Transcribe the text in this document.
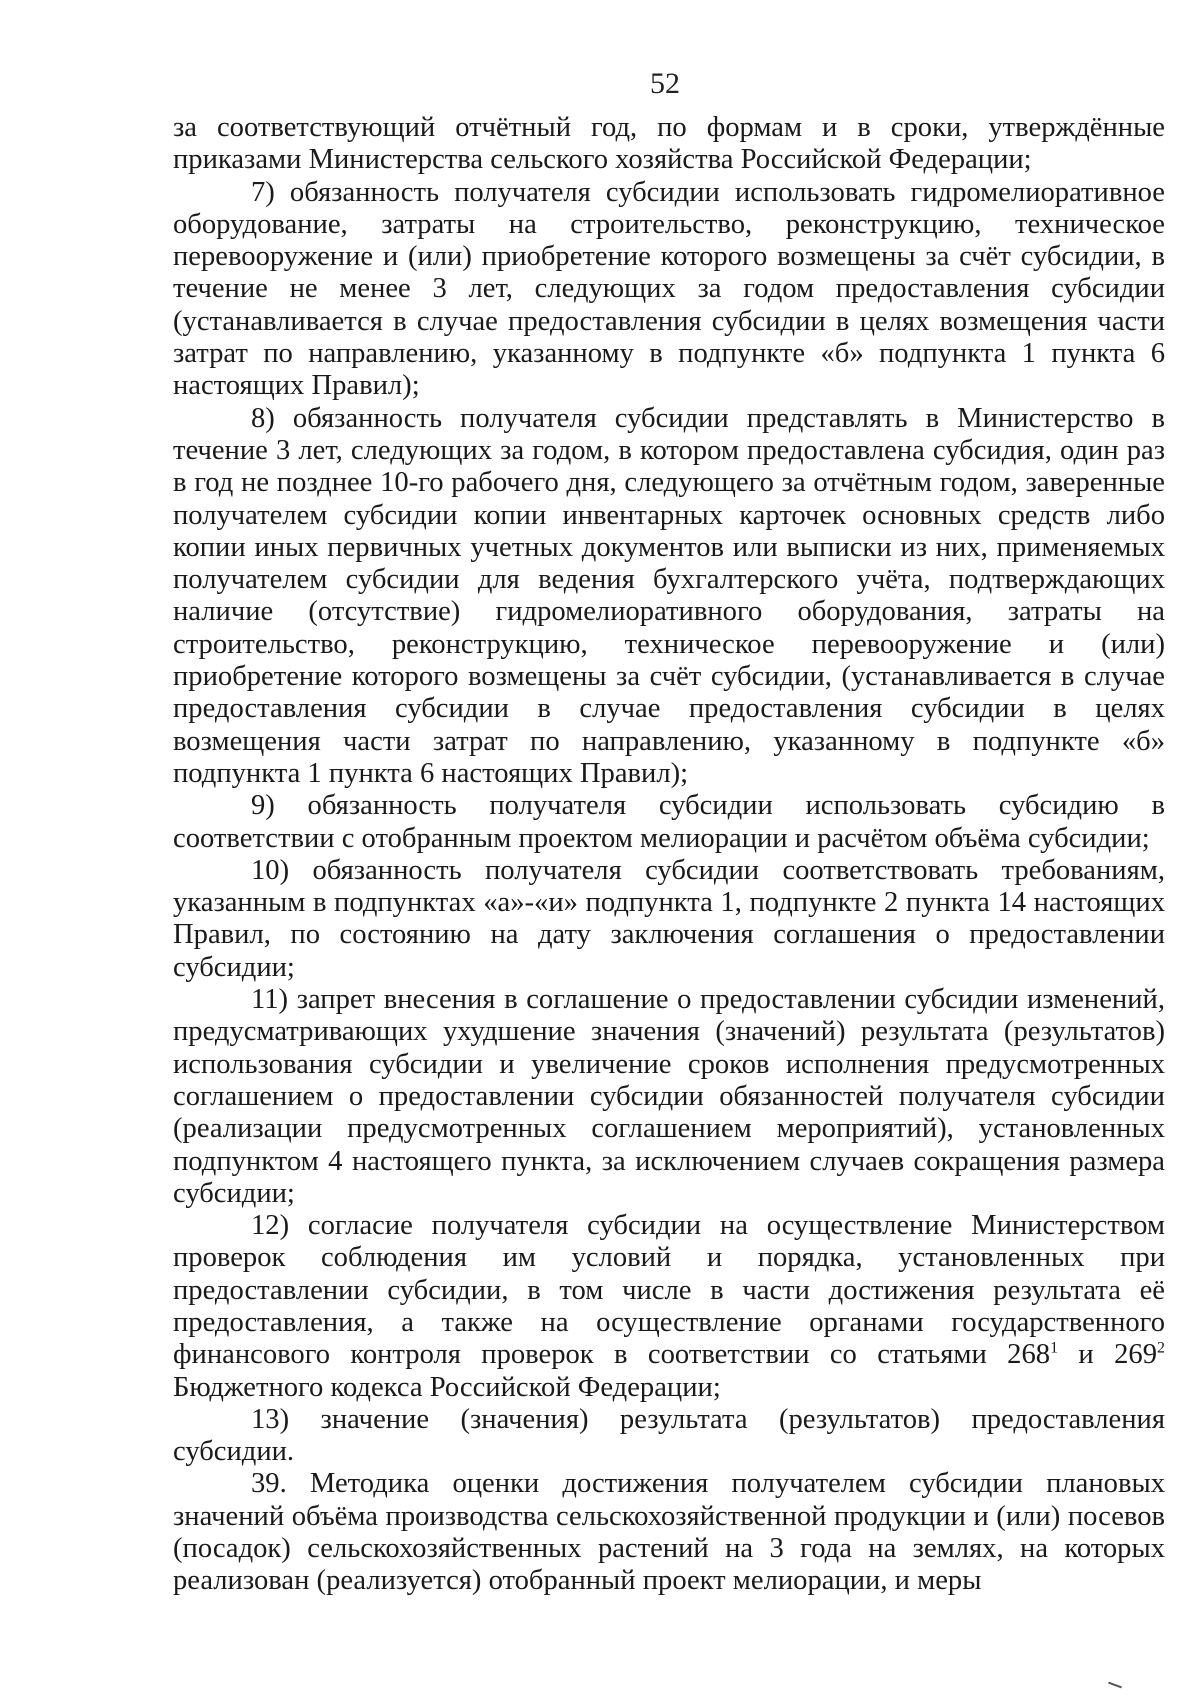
52

за соответствующий отчётный год, по формам и в сроки, утверждённые приказами Министерства сельского хозяйства Российской Федерации;

7) обязанность получателя субсидии использовать гидромелиоративное оборудование, затраты на строительство, реконструкцию, техническое перевооружение и (или) приобретение которого возмещены за счёт субсидии, в течение не менее 3 лет, следующих за годом предоставления субсидии (устанавливается в случае предоставления субсидии в целях возмещения части затрат по направлению, указанному в подпункте «б» подпункта 1 пункта 6 настоящих Правил);

8) обязанность получателя субсидии представлять в Министерство в течение 3 лет, следующих за годом, в котором предоставлена субсидия, один раз в год не позднее 10-го рабочего дня, следующего за отчётным годом, заверенные получателем субсидии копии инвентарных карточек основных средств либо копии иных первичных учетных документов или выписки из них, применяемых получателем субсидии для ведения бухгалтерского учёта, подтверждающих наличие (отсутствие) гидромелиоративного оборудования, затраты на строительство, реконструкцию, техническое перевооружение и (или) приобретение которого возмещены за счёт субсидии, (устанавливается в случае предоставления субсидии в случае предоставления субсидии в целях возмещения части затрат по направлению, указанному в подпункте «б» подпункта 1 пункта 6 настоящих Правил);

9) обязанность получателя субсидии использовать субсидию в соответствии с отобранным проектом мелиорации и расчётом объёма субсидии;

10) обязанность получателя субсидии соответствовать требованиям, указанным в подпунктах «а»-«и» подпункта 1, подпункте 2 пункта 14 настоящих Правил, по состоянию на дату заключения соглашения о предоставлении субсидии;

11) запрет внесения в соглашение о предоставлении субсидии изменений, предусматривающих ухудшение значения (значений) результата (результатов) использования субсидии и увеличение сроков исполнения предусмотренных соглашением о предоставлении субсидии обязанностей получателя субсидии (реализации предусмотренных соглашением мероприятий), установленных подпунктом 4 настоящего пункта, за исключением случаев сокращения размера субсидии;

12) согласие получателя субсидии на осуществление Министерством проверок соблюдения им условий и порядка, установленных при предоставлении субсидии, в том числе в части достижения результата её предоставления, а также на осуществление органами государственного финансового контроля проверок в соответствии со статьями $268^1$ и $269^2$ Бюджетного кодекса Российской Федерации;

13) значение (значения) результата (результатов) предоставления субсидии.

39. Методика оценки достижения получателем субсидии плановых значений объёма производства сельскохозяйственной продукции и (или) посевов (посадок) сельскохозяйственных растений на 3 года на землях, на которых реализован (реализуется) отобранный проект мелиорации, и меры
